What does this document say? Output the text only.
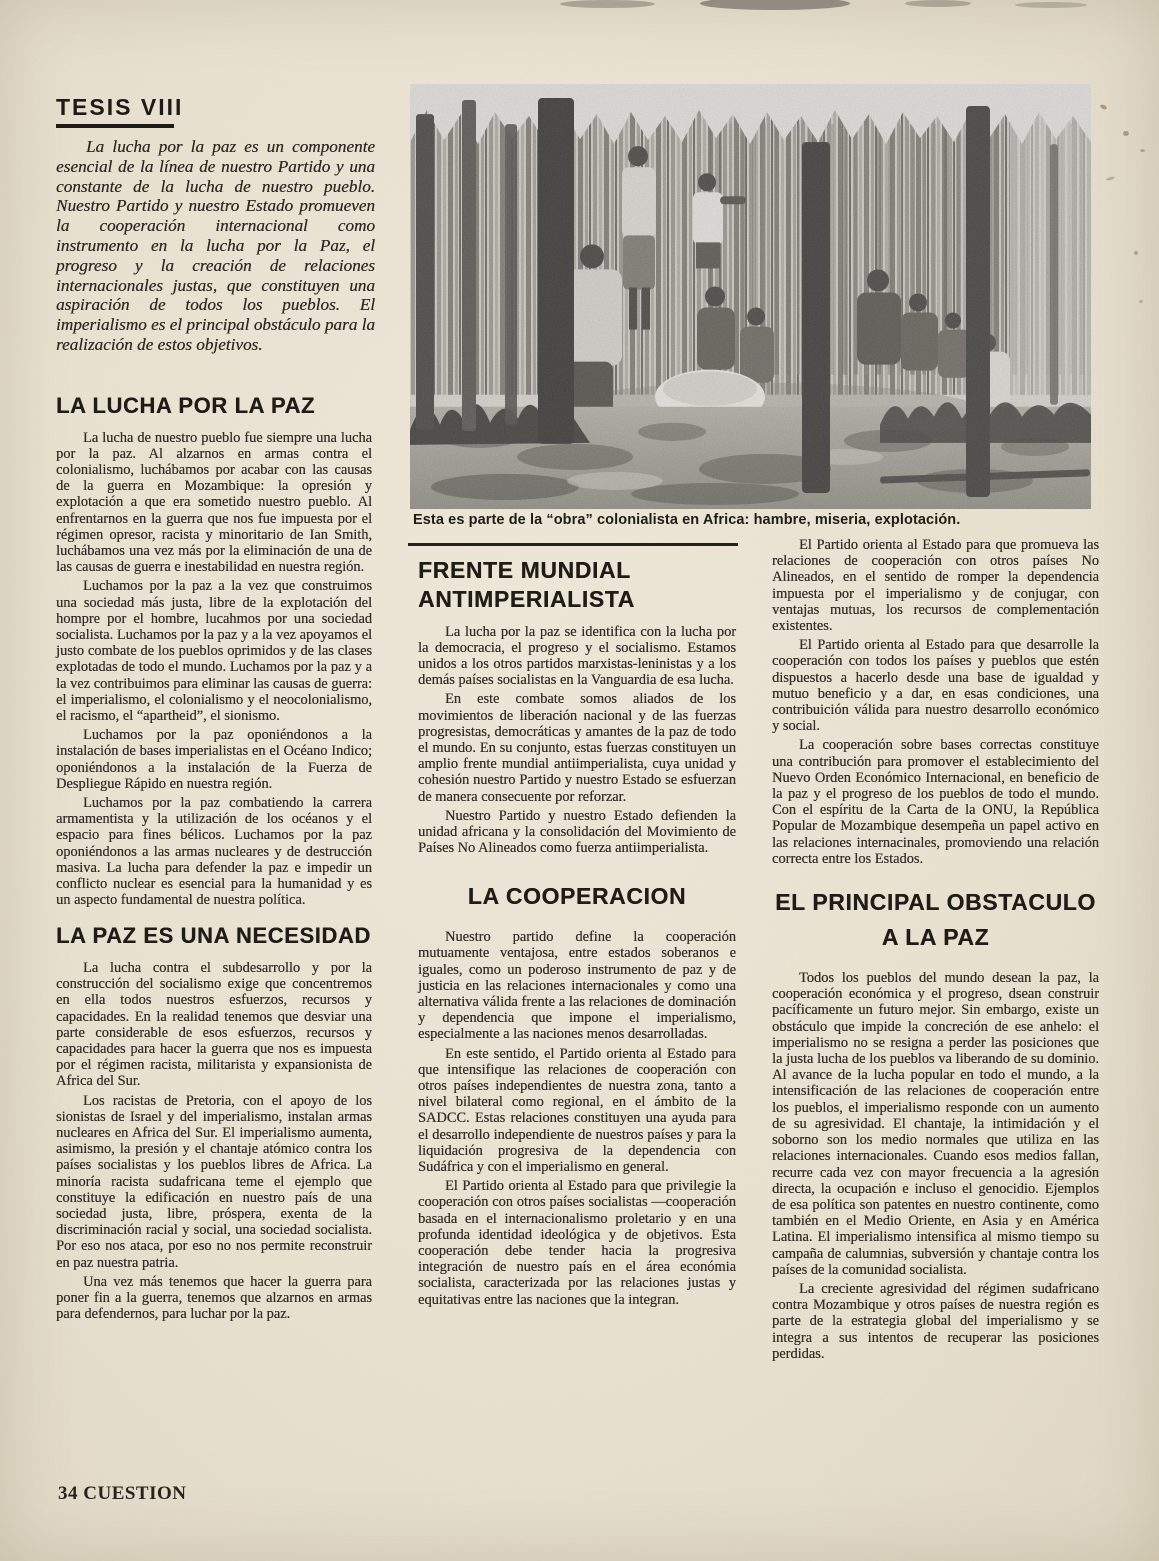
TESIS VIII

La lucha por la paz es un componente esencial de la línea de nuestro Partido y una constante de la lucha de nuestro pueblo. Nuestro Partido y nuestro Estado promueven la cooperación internacional como instrumento en la lucha por la Paz, el progreso y la creación de relaciones internacionales justas, que constituyen una aspiración de todos los pueblos. El imperialismo es el principal obstáculo para la realización de estos objetivos.

Esta es parte de la “obra” colonialista en Africa: hambre, miseria, explotación.

LA LUCHA POR LA PAZ

La lucha de nuestro pueblo fue siempre una lucha por la paz. Al alzarnos en armas contra el colonialismo, luchábamos por acabar con las causas de la guerra en Mozambique: la opresión y explotación a que era sometido nuestro pueblo. Al enfrentarnos en la guerra que nos fue impuesta por el régimen opresor, racista y minoritario de Ian Smith, luchábamos una vez más por la eliminación de una de las causas de guerra e inestabilidad en nuestra región.

Luchamos por la paz a la vez que construimos una sociedad más justa, libre de la explotación del hompre por el hombre, lucahmos por una sociedad socialista. Luchamos por la paz y a la vez apoyamos el justo combate de los pueblos oprimidos y de las clases explotadas de todo el mundo. Luchamos por la paz y a la vez contribuimos para eliminar las causas de guerra: el imperialismo, el colonialismo y el neocolonialismo, el racismo, el “apartheid”, el sionismo.

Luchamos por la paz oponiéndonos a la instalación de bases imperialistas en el Océano Indico; oponiéndonos a la instalación de la Fuerza de Despliegue Rápido en nuestra región.

Luchamos por la paz combatiendo la carrera armamentista y la utilización de los océanos y el espacio para fines bélicos. Luchamos por la paz oponiéndonos a las armas nucleares y de destrucción masiva. La lucha para defender la paz e impedir un conflicto nuclear es esencial para la humanidad y es un aspecto fundamental de nuestra política.

LA PAZ ES UNA NECESIDAD

La lucha contra el subdesarrollo y por la construcción del socialismo exige que concentremos en ella todos nuestros esfuerzos, recursos y capacidades. En la realidad tenemos que desviar una parte considerable de esos esfuerzos, recursos y capacidades para hacer la guerra que nos es impuesta por el régimen racista, militarista y expansionista de Africa del Sur.

Los racistas de Pretoria, con el apoyo de los sionistas de Israel y del imperialismo, instalan armas nucleares en Africa del Sur. El imperialismo aumenta, asimismo, la presión y el chantaje atómico contra los países socialistas y los pueblos libres de Africa. La minoría racista sudafricana teme el ejemplo que constituye la edificación en nuestro país de una sociedad justa, libre, próspera, exenta de la discriminación racial y social, una sociedad socialista. Por eso nos ataca, por eso no nos permite reconstruir en paz nuestra patria.

Una vez más tenemos que hacer la guerra para poner fin a la guerra, tenemos que alzarnos en armas para defendernos, para luchar por la paz.

FRENTE MUNDIAL
ANTIMPERIALISTA

La lucha por la paz se identifica con la lucha por la democracia, el progreso y el socialismo. Estamos unidos a los otros partidos marxistas-leninistas y a los demás países socialistas en la Vanguardia de esa lucha.

En este combate somos aliados de los movimientos de liberación nacional y de las fuerzas progresistas, democráticas y amantes de la paz de todo el mundo. En su conjunto, estas fuerzas constituyen un amplio frente mundial antiimperialista, cuya unidad y cohesión nuestro Partido y nuestro Estado se esfuerzan de manera consecuente por reforzar.

Nuestro Partido y nuestro Estado defienden la unidad africana y la consolidación del Movimiento de Países No Alineados como fuerza antiimperialista.

LA COOPERACION

Nuestro partido define la cooperación mutuamente ventajosa, entre estados soberanos e iguales, como un poderoso instrumento de paz y de justicia en las relaciones internacionales y como una alternativa válida frente a las relaciones de dominación y dependencia que impone el imperialismo, especialmente a las naciones menos desarrolladas.

En este sentido, el Partido orienta al Estado para que intensifique las relaciones de cooperación con otros países independientes de nuestra zona, tanto a nivel bilateral como regional, en el ámbito de la SADCC. Estas relaciones constituyen una ayuda para el desarrollo independiente de nuestros países y para la liquidación progresiva de la dependencia con Sudáfrica y con el imperialismo en general.

El Partido orienta al Estado para que privilegie la cooperación con otros países socialistas —cooperación basada en el internacionalismo proletario y en una profunda identidad ideológica y de objetivos. Esta cooperación debe tender hacia la progresiva integración de nuestro país en el área económia socialista, caracterizada por las relaciones justas y equitativas entre las naciones que la integran.

El Partido orienta al Estado para que promueva las relaciones de cooperación con otros países No Alineados, en el sentido de romper la dependencia impuesta por el imperialismo y de conjugar, con ventajas mutuas, los recursos de complementación existentes.

El Partido orienta al Estado para que desarrolle la cooperación con todos los países y pueblos que estén dispuestos a hacerlo desde una base de igualdad y mutuo beneficio y a dar, en esas condiciones, una contribuición válida para nuestro desarrollo económico y social.

La cooperación sobre bases correctas constituye una contribución para promover el establecimiento del Nuevo Orden Económico Internacional, en beneficio de la paz y el progreso de los pueblos de todo el mundo. Con el espíritu de la Carta de la ONU, la República Popular de Mozambique desempeña un papel activo en las relaciones internacinales, promoviendo una relación correcta entre los Estados.

EL PRINCIPAL OBSTACULO
A LA PAZ

Todos los pueblos del mundo desean la paz, la cooperación económica y el progreso, dsean construir pacíficamente un futuro mejor. Sin embargo, existe un obstáculo que impide la concreción de ese anhelo: el imperialismo no se resigna a perder las posiciones que la justa lucha de los pueblos va liberando de su dominio. Al avance de la lucha popular en todo el mundo, a la intensificación de las relaciones de cooperación entre los pueblos, el imperialismo responde con un aumento de su agresividad. El chantaje, la intimidación y el soborno son los medio normales que utiliza en las relaciones internacionales. Cuando esos medios fallan, recurre cada vez con mayor frecuencia a la agresión directa, la ocupación e incluso el genocidio. Ejemplos de esa política son patentes en nuestro continente, como también en el Medio Oriente, en Asia y en América Latina. El imperialismo intensifica al mismo tiempo su campaña de calumnias, subversión y chantaje contra los países de la comunidad socialista.

La creciente agresividad del régimen sudafricano contra Mozambique y otros países de nuestra región es parte de la estrategia global del imperialismo y se integra a sus intentos de recuperar las posiciones perdidas.

34 CUESTION
